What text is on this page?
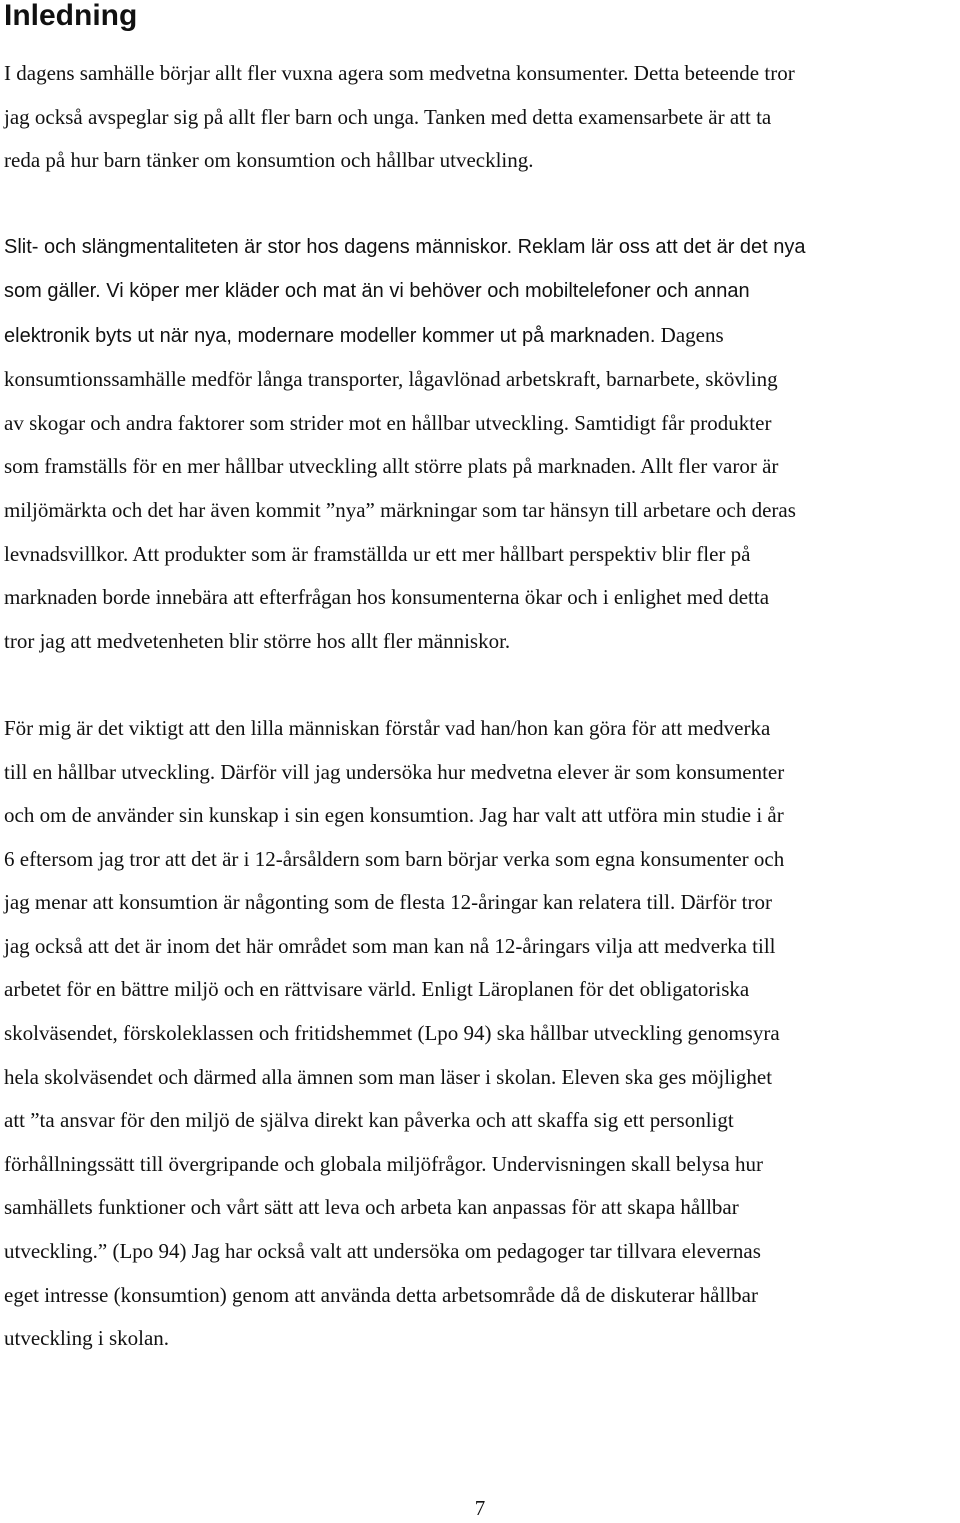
Inledning

I dagens samhälle börjar allt fler vuxna agera som medvetna konsumenter. Detta beteende tror
jag också avspeglar sig på allt fler barn och unga. Tanken med detta examensarbete är att ta
reda på hur barn tänker om konsumtion och hållbar utveckling.

Slit- och slängmentaliteten är stor hos dagens människor. Reklam lär oss att det är det nya
som gäller. Vi köper mer kläder och mat än vi behöver och mobiltelefoner och annan
elektronik byts ut när nya, modernare modeller kommer ut på marknaden.

Dagens
konsumtionssamhälle medför långa transporter, lågavlönad arbetskraft, barnarbete, skövling
av skogar och andra faktorer som strider mot en hållbar utveckling. Samtidigt får produkter
som framställs för en mer hållbar utveckling allt större plats på marknaden. Allt fler varor är
miljömärkta och det har även kommit ”nya” märkningar som tar hänsyn till arbetare och deras
levnadsvillkor. Att produkter som är framställda ur ett mer hållbart perspektiv blir fler på
marknaden borde innebära att efterfrågan hos konsumenterna ökar och i enlighet med detta
tror jag att medvetenheten blir större hos allt fler människor.

För mig är det viktigt att den lilla människan förstår vad han/hon kan göra för att medverka
till en hållbar utveckling. Därför vill jag undersöka hur medvetna elever är som konsumenter
och om de använder sin kunskap i sin egen konsumtion. Jag har valt att utföra min studie i år
6 eftersom jag tror att det är i 12-årsåldern som barn börjar verka som egna konsumenter och
jag menar att konsumtion är någonting som de flesta 12-åringar kan relatera till. Därför tror
jag också att det är inom det här området som man kan nå 12-åringars vilja att medverka till
arbetet för en bättre miljö och en rättvisare värld. Enligt Läroplanen för det obligatoriska
skolväsendet, förskoleklassen och fritidshemmet (Lpo 94) ska hållbar utveckling genomsyra
hela skolväsendet och därmed alla ämnen som man läser i skolan. Eleven ska ges möjlighet
att ”ta ansvar för den miljö de själva direkt kan påverka och att skaffa sig ett personligt
förhållningssätt till övergripande och globala miljöfrågor. Undervisningen skall belysa hur
samhällets funktioner och vårt sätt att leva och arbeta kan anpassas för att skapa hållbar
utveckling.” (Lpo 94) Jag har också valt att undersöka om pedagoger tar tillvara elevernas
eget intresse (konsumtion) genom att använda detta arbetsområde då de diskuterar hållbar
utveckling i skolan.

7
